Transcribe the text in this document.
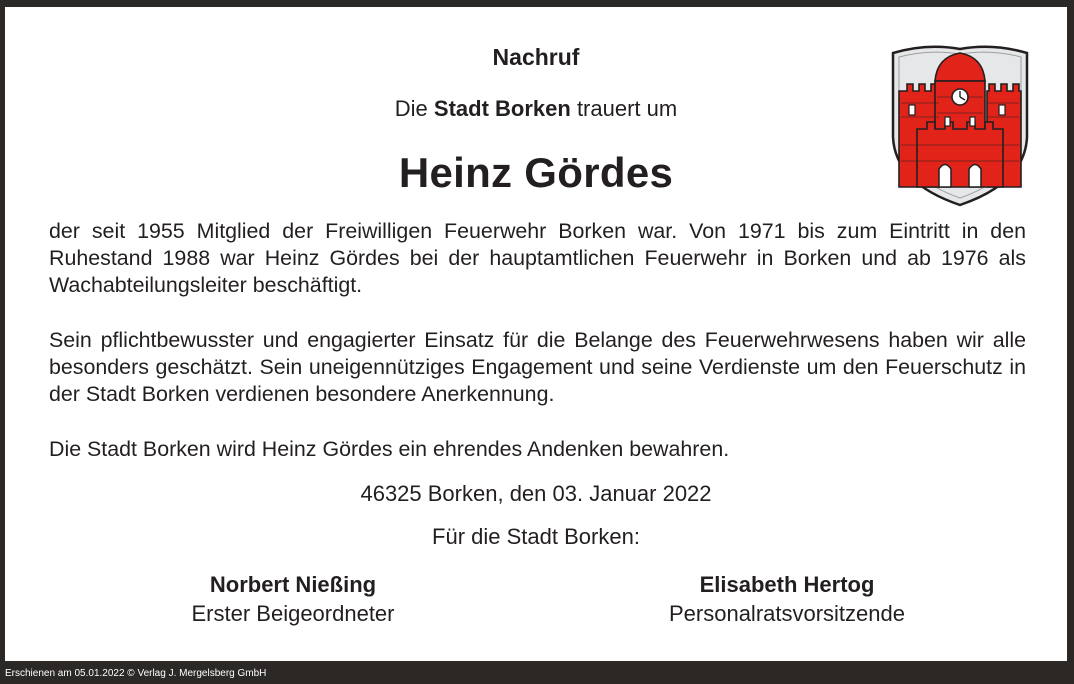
Nachruf
Die Stadt Borken trauert um
Heinz Gördes

der seit 1955 Mitglied der Freiwilligen Feuerwehr Borken war. Von 1971 bis zum Eintritt in den Ruhestand 1988 war Heinz Gördes bei der hauptamtlichen Feuerwehr in Borken und ab 1976 als Wachabteilungsleiter beschäftigt.

Sein pflichtbewusster und engagierter Einsatz für die Belange des Feuerwehrwesens haben wir alle besonders geschätzt. Sein uneigennütziges Engagement und seine Verdienste um den Feuerschutz in der Stadt Borken verdienen besondere Anerkennung.

Die Stadt Borken wird Heinz Gördes ein ehrendes Andenken bewahren.

46325 Borken, den 03. Januar 2022
Für die Stadt Borken:
Norbert Nießing
Erster Beigeordneter
Elisabeth Hertog
Personalratsvorsitzende
Erschienen am 05.01.2022 © Verlag J. Mergelsberg GmbH
